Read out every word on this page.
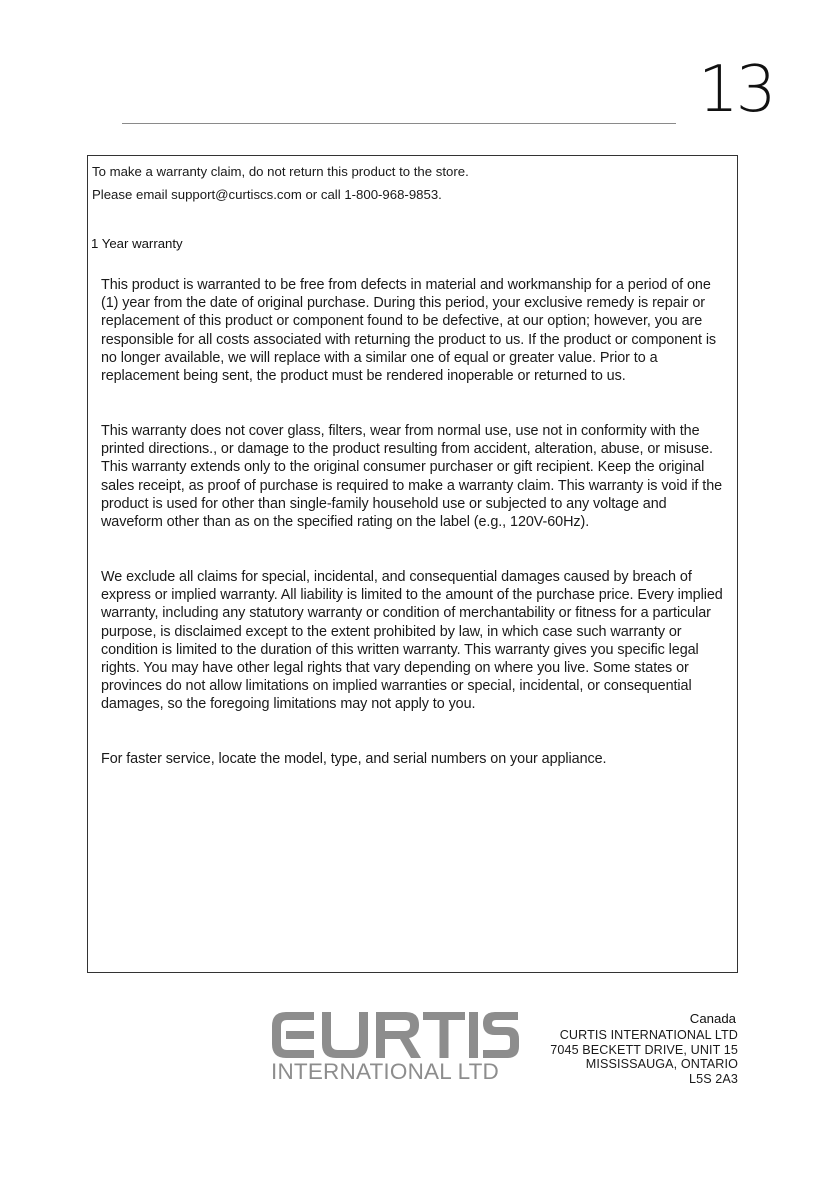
13
To make a warranty claim, do not return this product to the store.
Please email support@curtiscs.com or call 1-800-968-9853.
1 Year warranty

This product is warranted to be free from defects in material and workmanship for a period of one (1) year from the date of original purchase. During this period, your exclusive remedy is repair or replacement of this product or component found to be defective, at our option; however, you are responsible for all costs associated with returning the product to us. If the product or component is no longer available, we will replace with a similar one of equal or greater value. Prior to a replacement being sent, the product must be rendered inoperable or returned to us.

This warranty does not cover glass, filters, wear from normal use, use not in conformity with the printed directions., or damage to the product resulting from accident, alteration, abuse, or misuse. This warranty extends only to the original consumer purchaser or gift recipient. Keep the original sales receipt, as proof of purchase is required to make a warranty claim. This warranty is void if the product is used for other than single-family household use or subjected to any voltage and waveform other than as on the specified rating on the label (e.g., 120V-60Hz).

We exclude all claims for special, incidental, and consequential damages caused by breach of express or implied warranty. All liability is limited to the amount of the purchase price. Every implied warranty, including any statutory warranty or condition of merchantability or fitness for a particular purpose, is disclaimed except to the extent prohibited by law, in which case such warranty or condition is limited to the duration of this written warranty. This warranty gives you specific legal rights. You may have other legal rights that vary depending on where you live. Some states or provinces do not allow limitations on implied warranties or special, incidental, or consequential damages, so the foregoing limitations may not apply to you.

For faster service, locate the model, type, and serial numbers on your appliance.

INTERNATIONAL LTD
Canada
CURTIS INTERNATIONAL LTD
7045 BECKETT DRIVE, UNIT 15
MISSISSAUGA, ONTARIO
L5S 2A3
